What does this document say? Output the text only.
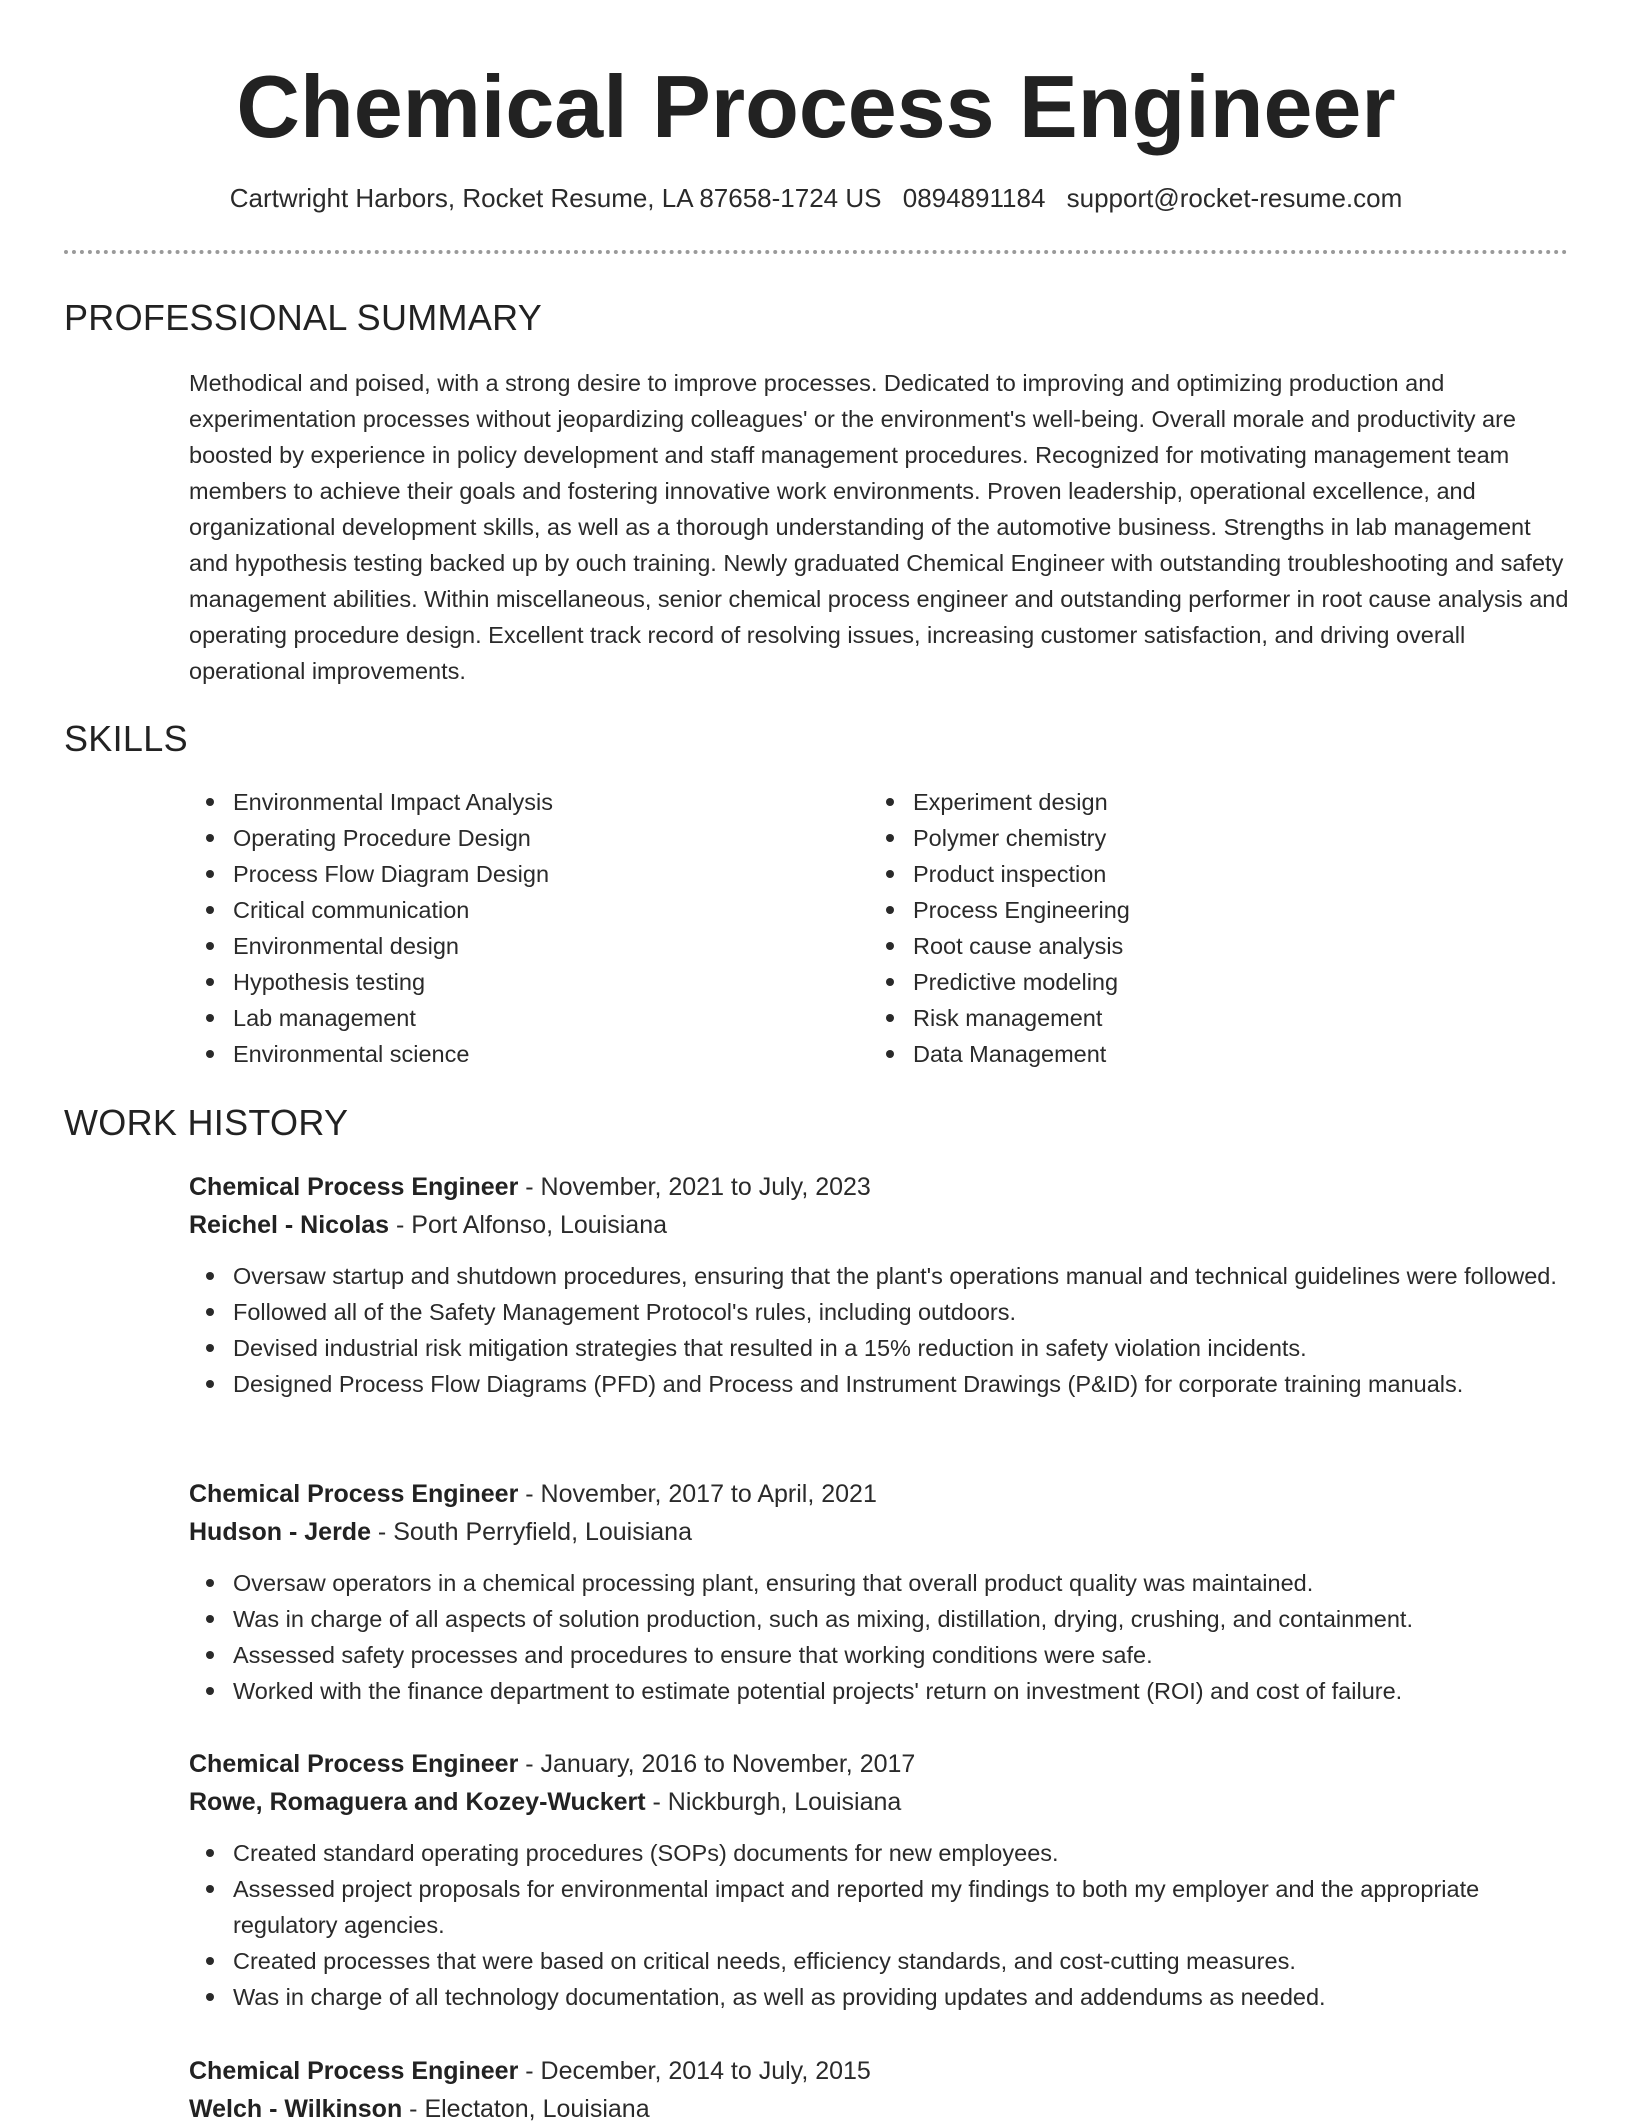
Chemical Process Engineer
Cartwright Harbors, Rocket Resume, LA 87658-1724 US 0894891184 support@rocket-resume.com
PROFESSIONAL SUMMARY

Methodical and poised, with a strong desire to improve processes. Dedicated to improving and optimizing production and experimentation processes without jeopardizing colleagues' or the environment's well-being. Overall morale and productivity are boosted by experience in policy development and staff management procedures. Recognized for motivating management team members to achieve their goals and fostering innovative work environments. Proven leadership, operational excellence, and organizational development skills, as well as a thorough understanding of the automotive business. Strengths in lab management and hypothesis testing backed up by ouch training. Newly graduated Chemical Engineer with outstanding troubleshooting and safety management abilities. Within miscellaneous, senior chemical process engineer and outstanding performer in root cause analysis and operating procedure design. Excellent track record of resolving issues, increasing customer satisfaction, and driving overall operational improvements.

SKILLS
Environmental Impact Analysis
Operating Procedure Design
Process Flow Diagram Design
Critical communication
Environmental design
Hypothesis testing
Lab management
Environmental science
Experiment design
Polymer chemistry
Product inspection
Process Engineering
Root cause analysis
Predictive modeling
Risk management
Data Management
WORK HISTORY
Chemical Process Engineer - November, 2021 to July, 2023
Reichel - Nicolas - Port Alfonso, Louisiana
Oversaw startup and shutdown procedures, ensuring that the plant's operations manual and technical guidelines were followed.
Followed all of the Safety Management Protocol's rules, including outdoors.
Devised industrial risk mitigation strategies that resulted in a 15% reduction in safety violation incidents.
Designed Process Flow Diagrams (PFD) and Process and Instrument Drawings (P&ID) for corporate training manuals.
Chemical Process Engineer - November, 2017 to April, 2021
Hudson - Jerde - South Perryfield, Louisiana
Oversaw operators in a chemical processing plant, ensuring that overall product quality was maintained.
Was in charge of all aspects of solution production, such as mixing, distillation, drying, crushing, and containment.
Assessed safety processes and procedures to ensure that working conditions were safe.
Worked with the finance department to estimate potential projects' return on investment (ROI) and cost of failure.
Chemical Process Engineer - January, 2016 to November, 2017
Rowe, Romaguera and Kozey-Wuckert - Nickburgh, Louisiana
Created standard operating procedures (SOPs) documents for new employees.
Assessed project proposals for environmental impact and reported my findings to both my employer and the appropriate regulatory agencies.
Created processes that were based on critical needs, efficiency standards, and cost-cutting measures.
Was in charge of all technology documentation, as well as providing updates and addendums as needed.
Chemical Process Engineer - December, 2014 to July, 2015
Welch - Wilkinson - Electaton, Louisiana
